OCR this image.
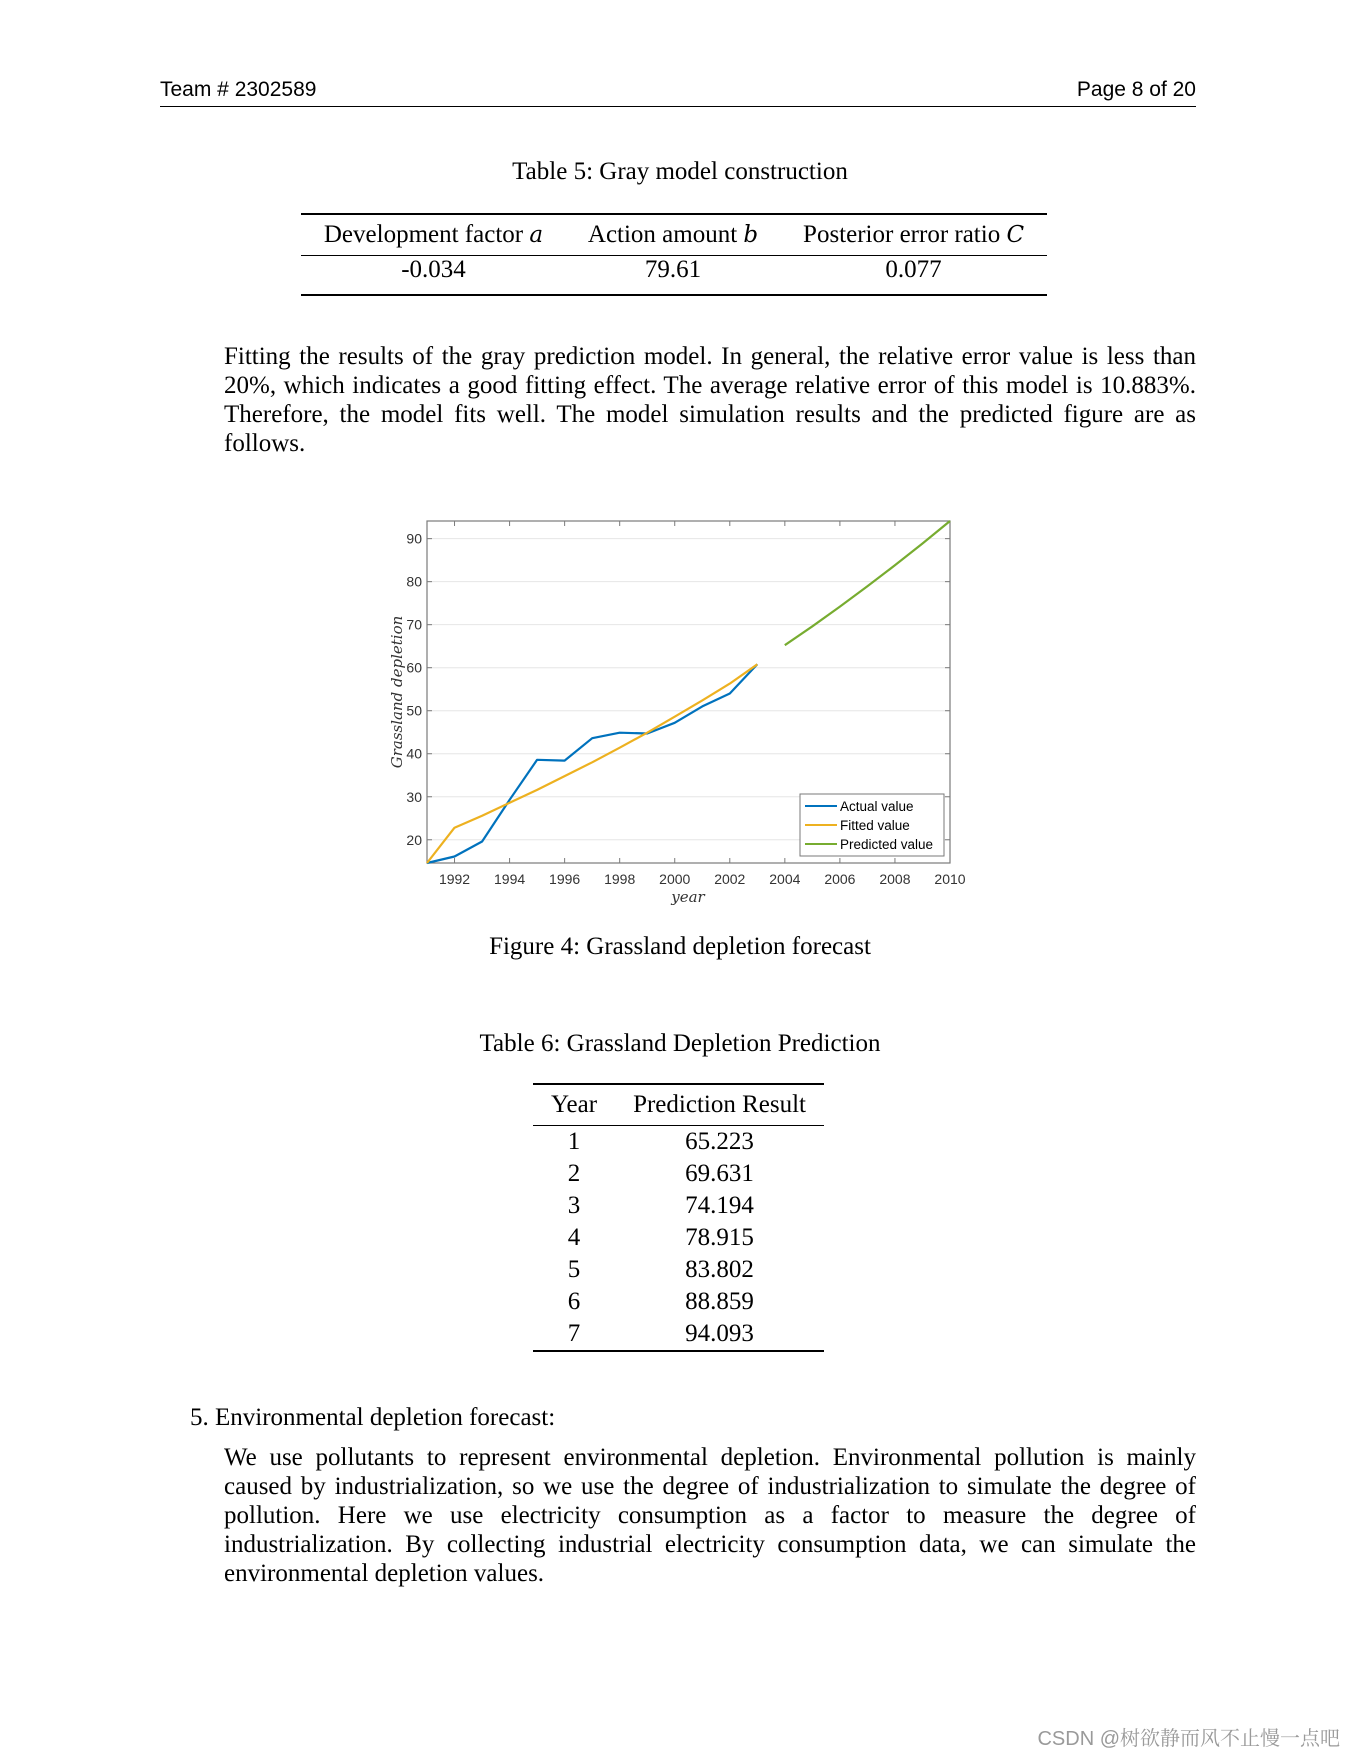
Team # 2302589	Page 8 of 20
Table 5: Gray model construction
Development factor a	Action amount b	Posterior error ratio C
-0.034	79.61	0.077
Fitting the results of the gray prediction model. In general, the relative error value is less than 20%, which indicates a good fitting effect. The average relative error of this model is 10.883%. Therefore, the model fits well. The model simulation results and the predicted figure are as follows.
20
30
40
50
60
70
80
90
1992 1994 1996 1998 2000 2002 2004 2006 2008 2010
Grassland depletion
year
Actual value
Fitted value
Predicted value
Figure 4: Grassland depletion forecast
Table 6: Grassland Depletion Prediction
Year	Prediction Result
1	65.223
2	69.631
3	74.194
4	78.915
5	83.802
6	88.859
7	94.093
5. Environmental depletion forecast:
We use pollutants to represent environmental depletion. Environmental pollution is mainly caused by industrialization, so we use the degree of industrialization to simulate the degree of pollution. Here we use electricity consumption as a factor to measure the degree of industrialization. By collecting industrial electricity consumption data, we can simulate the environmental depletion values.
CSDN @树欲静而风不止慢一点吧
